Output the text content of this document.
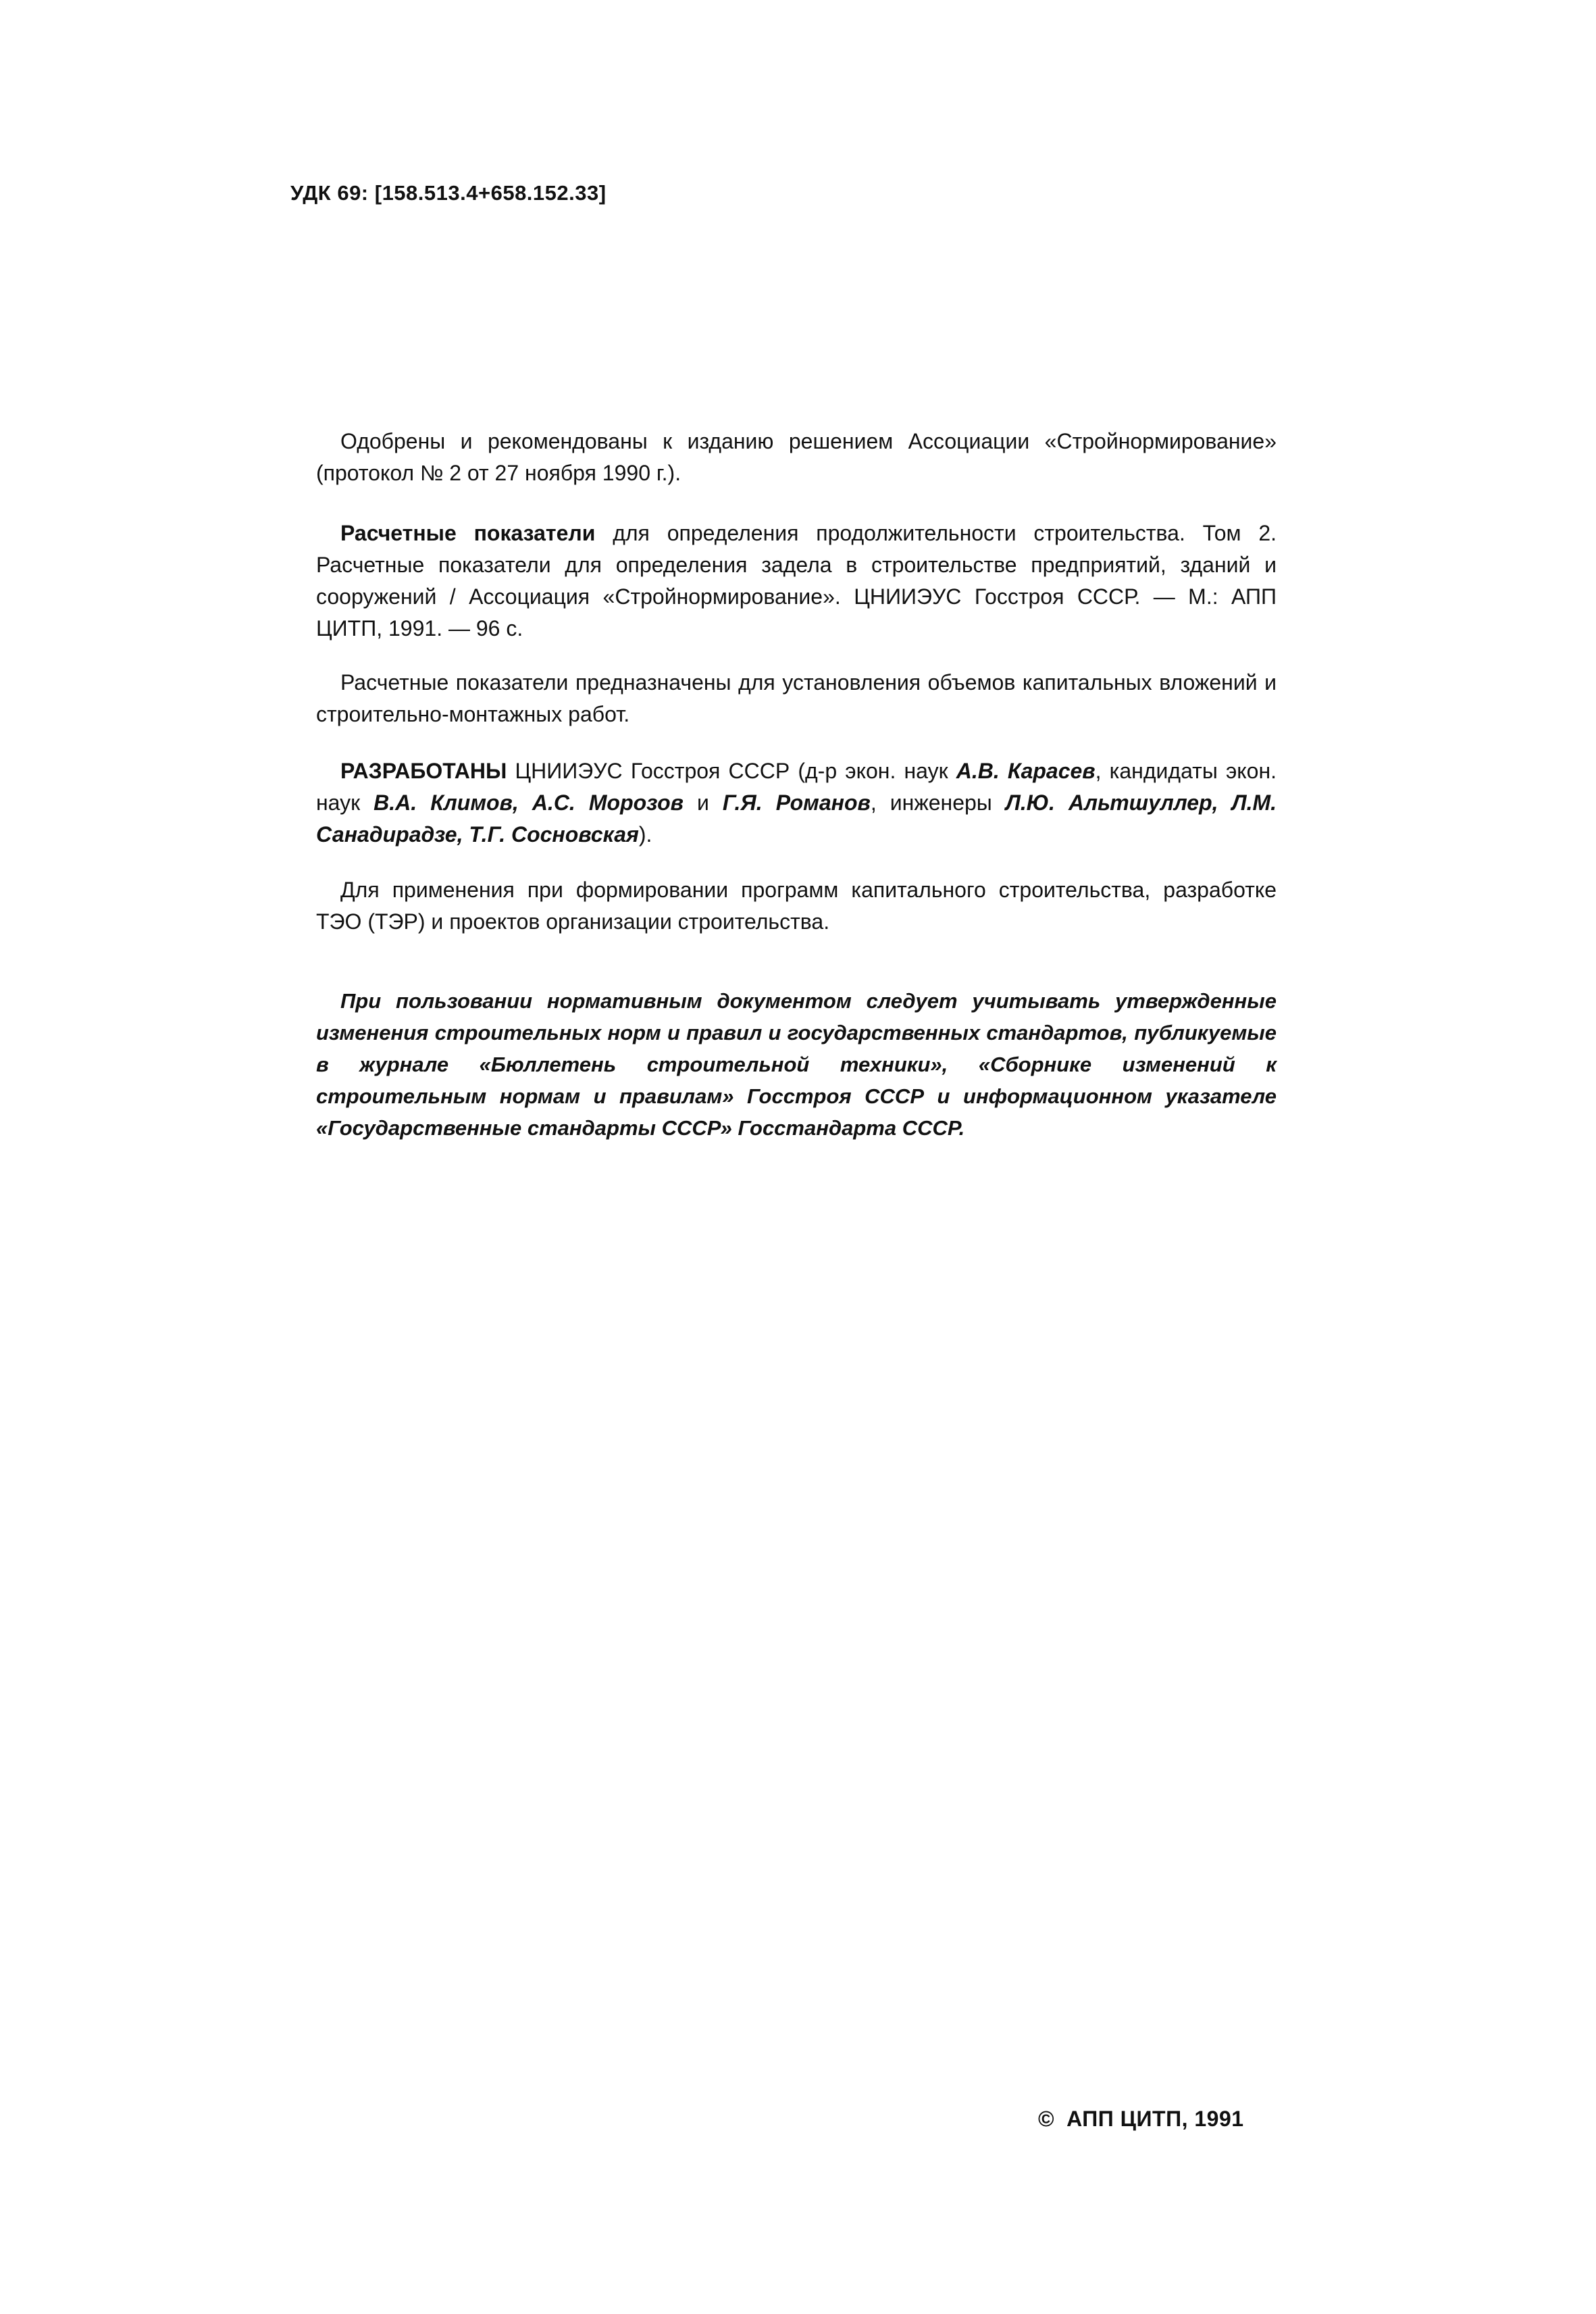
УДК 69: [158.513.4+658.152.33]

Одобрены и рекомендованы к изданию решением Ассоциации «Стройнормирование» (протокол № 2 от 27 ноября 1990 г.).

Расчетные показатели для определения продолжительности строительства. Том 2. Расчетные показатели для определения задела в строительстве предприятий, зданий и сооружений / Ассоциация «Стройнормирование». ЦНИИЭУС Госстроя СССР. — М.: АПП ЦИТП, 1991. — 96 с.

Расчетные показатели предназначены для установления объемов капитальных вложений и строительно-монтажных работ.

РАЗРАБОТАНЫ ЦНИИЭУС Госстроя СССР (д-р экон. наук А.В. Карасев, кандидаты экон. наук В.А. Климов, А.С. Морозов и Г.Я. Романов, инженеры Л.Ю. Альтшуллер, Л.М. Санадирадзе, Т.Г. Сосновская).

Для применения при формировании программ капитального строительства, разработке ТЭО (ТЭР) и проектов организации строительства.

При пользовании нормативным документом следует учитывать утвержденные изменения строительных норм и правил и государственных стандартов, публикуемые в журнале «Бюллетень строительной техники», «Сборнике изменений к строительным нормам и правилам» Госстроя СССР и информационном указателе «Государственные стандарты СССР» Госстандарта СССР.

© АПП ЦИТП, 1991
